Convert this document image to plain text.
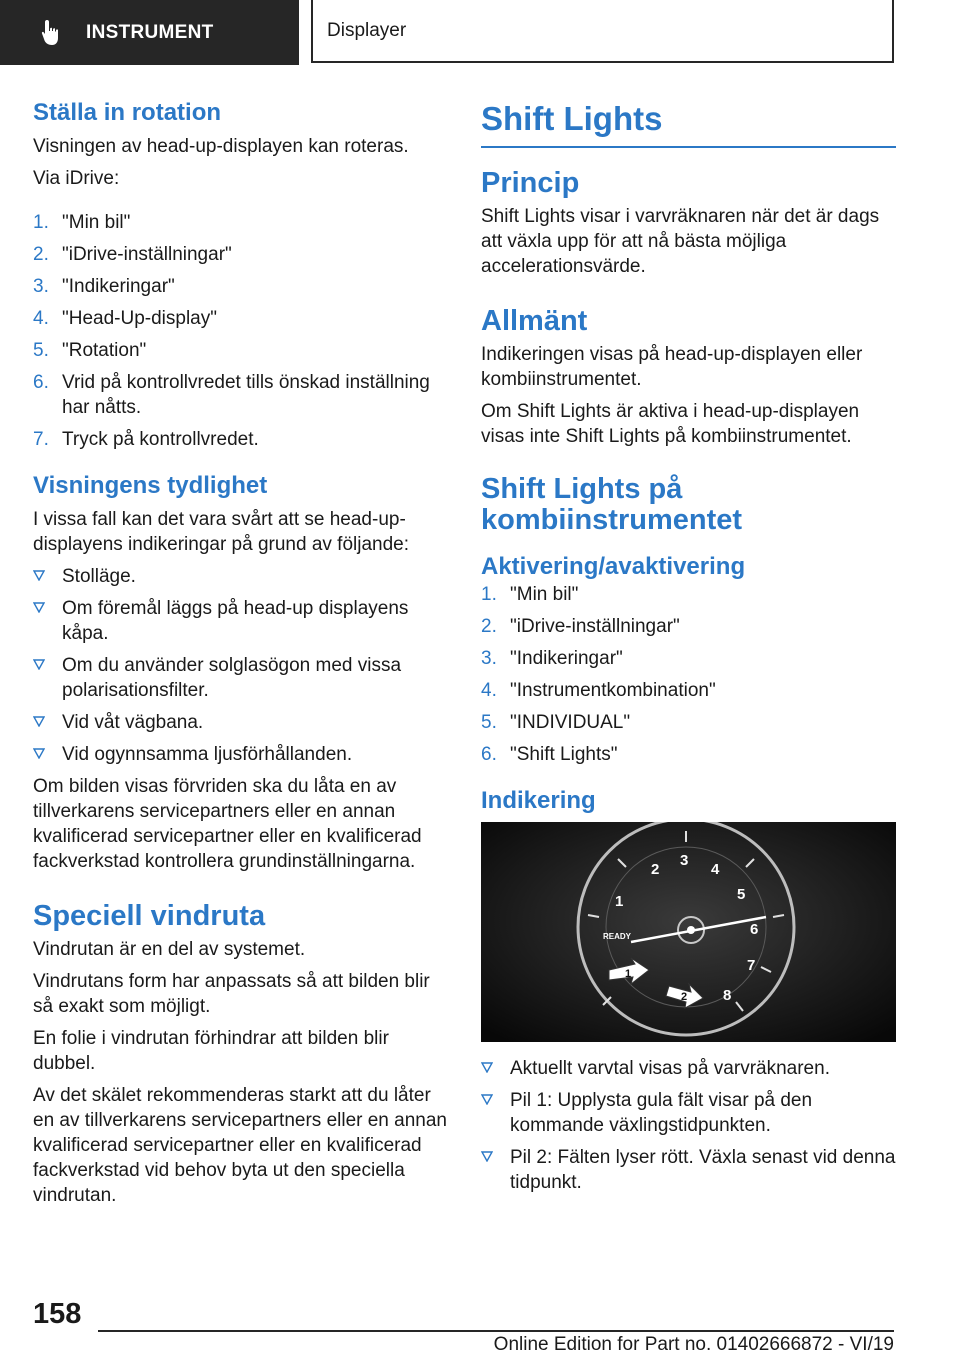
INSTRUMENT	Displayer
Ställa in rotation

Visningen av head-up-displayen kan roteras.

Via iDrive:

1. "Min bil"
2. "iDrive-inställningar"
3. "Indikeringar"
4. "Head-Up-display"
5. "Rotation"
6. Vrid på kontrollvredet tills önskad inställning har nåtts.
7. Tryck på kontrollvredet.
Visningens tydlighet

I vissa fall kan det vara svårt att se head-up-displayens indikeringar på grund av följande:

Stolläge.
Om föremål läggs på head-up displayens kåpa.
Om du använder solglasögon med vissa polarisationsfilter.
Vid våt vägbana.
Vid ogynnsamma ljusförhållanden.

Om bilden visas förvriden ska du låta en av tillverkarens servicepartners eller en annan kvalificerad servicepartner eller en kvalificerad fackverkstad kontrollera grundinställningarna.

Speciell vindruta

Vindrutan är en del av systemet.

Vindrutans form har anpassats så att bilden blir så exakt som möjligt.

En folie i vindrutan förhindrar att bilden blir dubbel.

Av det skälet rekommenderas starkt att du låter en av tillverkarens servicepartners eller en annan kvalificerad servicepartner eller en kvalificerad fackverkstad vid behov byta ut den speciella vindrutan.

Shift Lights
Princip

Shift Lights visar i varvräknaren när det är dags att växla upp för att nå bästa möjliga accelerationsvärde.

Allmänt

Indikeringen visas på head-up-displayen eller kombiinstrumentet.

Om Shift Lights är aktiva i head-up-displayen visas inte Shift Lights på kombiinstrumentet.

Shift Lights på kombiinstrumentet
Aktivering/avaktivering
1. "Min bil"
2. "iDrive-inställningar"
3. "Indikeringar"
4. "Instrumentkombination"
5. "INDIVIDUAL"
6. "Shift Lights"
Indikering
1
2
3
4
5
6
7
8
READY
1
2
Aktuellt varvtal visas på varvräknaren.
Pil 1: Upplysta gula fält visar på den kommande växlingstidpunkten.
Pil 2: Fälten lyser rött. Växla senast vid denna tidpunkt.
158
Online Edition for Part no. 01402666872 - VI/19
